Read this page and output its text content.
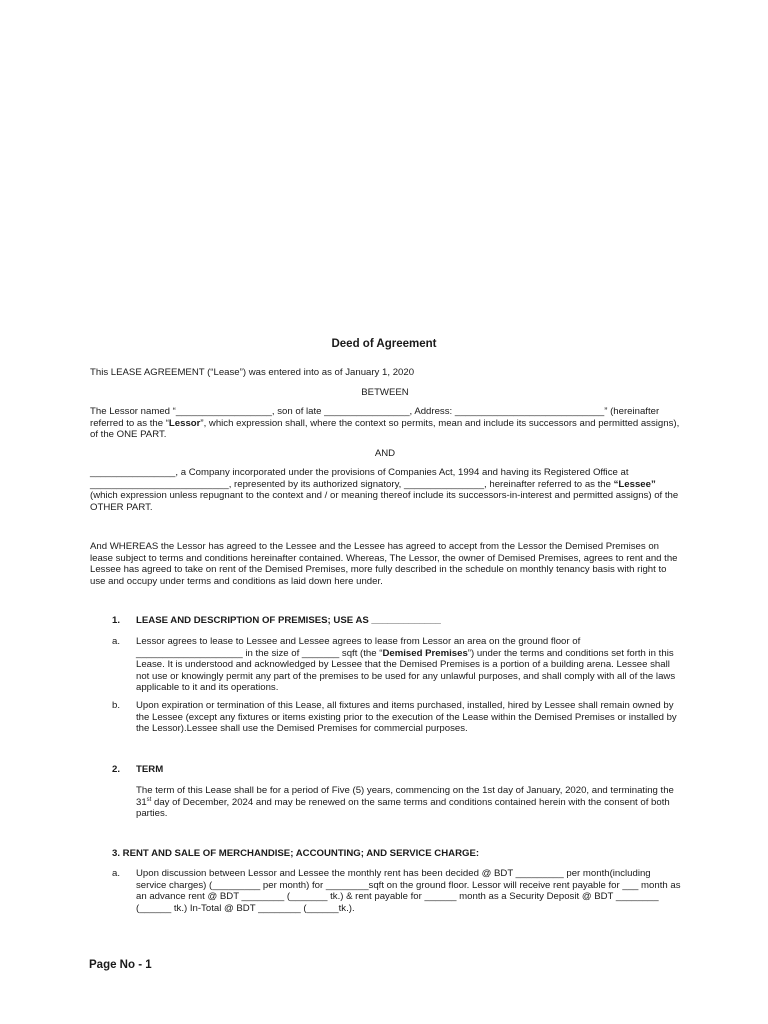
Deed of Agreement

This LEASE AGREEMENT (“Lease”) was entered into as of January 1, 2020

BETWEEN

The Lessor named “__________________, son of late ________________, Address: ____________________________” (hereinafter referred to as the “Lessor”, which expression shall, where the context so permits, mean and include its successors and permitted assigns), of the ONE PART.

AND

________________, a Company incorporated under the provisions of Companies Act, 1994 and having its Registered Office at __________________________, represented by its authorized signatory, _______________, hereinafter referred to as the “Lessee” (which expression unless repugnant to the context and / or meaning thereof include its successors-in-interest and permitted assigns) of the OTHER PART.

And WHEREAS the Lessor has agreed to the Lessee and the Lessee has agreed to accept from the Lessor the Demised Premises on lease subject to terms and conditions hereinafter contained. Whereas, The Lessor, the owner of Demised Premises, agrees to rent and the Lessee has agreed to take on rent of the Demised Premises, more fully described in the schedule on monthly tenancy basis with right to use and occupy under terms and conditions as laid down here under.

1. LEASE AND DESCRIPTION OF PREMISES; USE AS _____________
a. Lessor agrees to lease to Lessee and Lessee agrees to lease from Lessor an area on the ground floor of ____________________ in the size of _______ sqft (the “Demised Premises”) under the terms and conditions set forth in this Lease. It is understood and acknowledged by Lessee that the Demised Premises is a portion of a building arena. Lessee shall not use or knowingly permit any part of the premises to be used for any unlawful purposes, and shall comply with all of the laws applicable to it and its operations.
b. Upon expiration or termination of this Lease, all fixtures and items purchased, installed, hired by Lessee shall remain owned by the Lessee (except any fixtures or items existing prior to the execution of the Lease within the Demised Premises or installed by the Lessor).Lessee shall use the Demised Premises for commercial purposes.
2. TERM

The term of this Lease shall be for a period of Five (5) years, commencing on the 1st day of January, 2020, and terminating the 31st day of December, 2024 and may be renewed on the same terms and conditions contained herein with the consent of both parties.

3. RENT AND SALE OF MERCHANDISE; ACCOUNTING; AND SERVICE CHARGE:
a. Upon discussion between Lessor and Lessee the monthly rent has been decided @ BDT _________ per month(including service charges) (_________ per month) for ________sqft on the ground floor. Lessor will receive rent payable for ___ month as an advance rent @ BDT ________ (_______ tk.) & rent payable for ______ month as a Security Deposit @ BDT ________ (______ tk.) In-Total @ BDT ________ (______tk.).
Page No - 1
